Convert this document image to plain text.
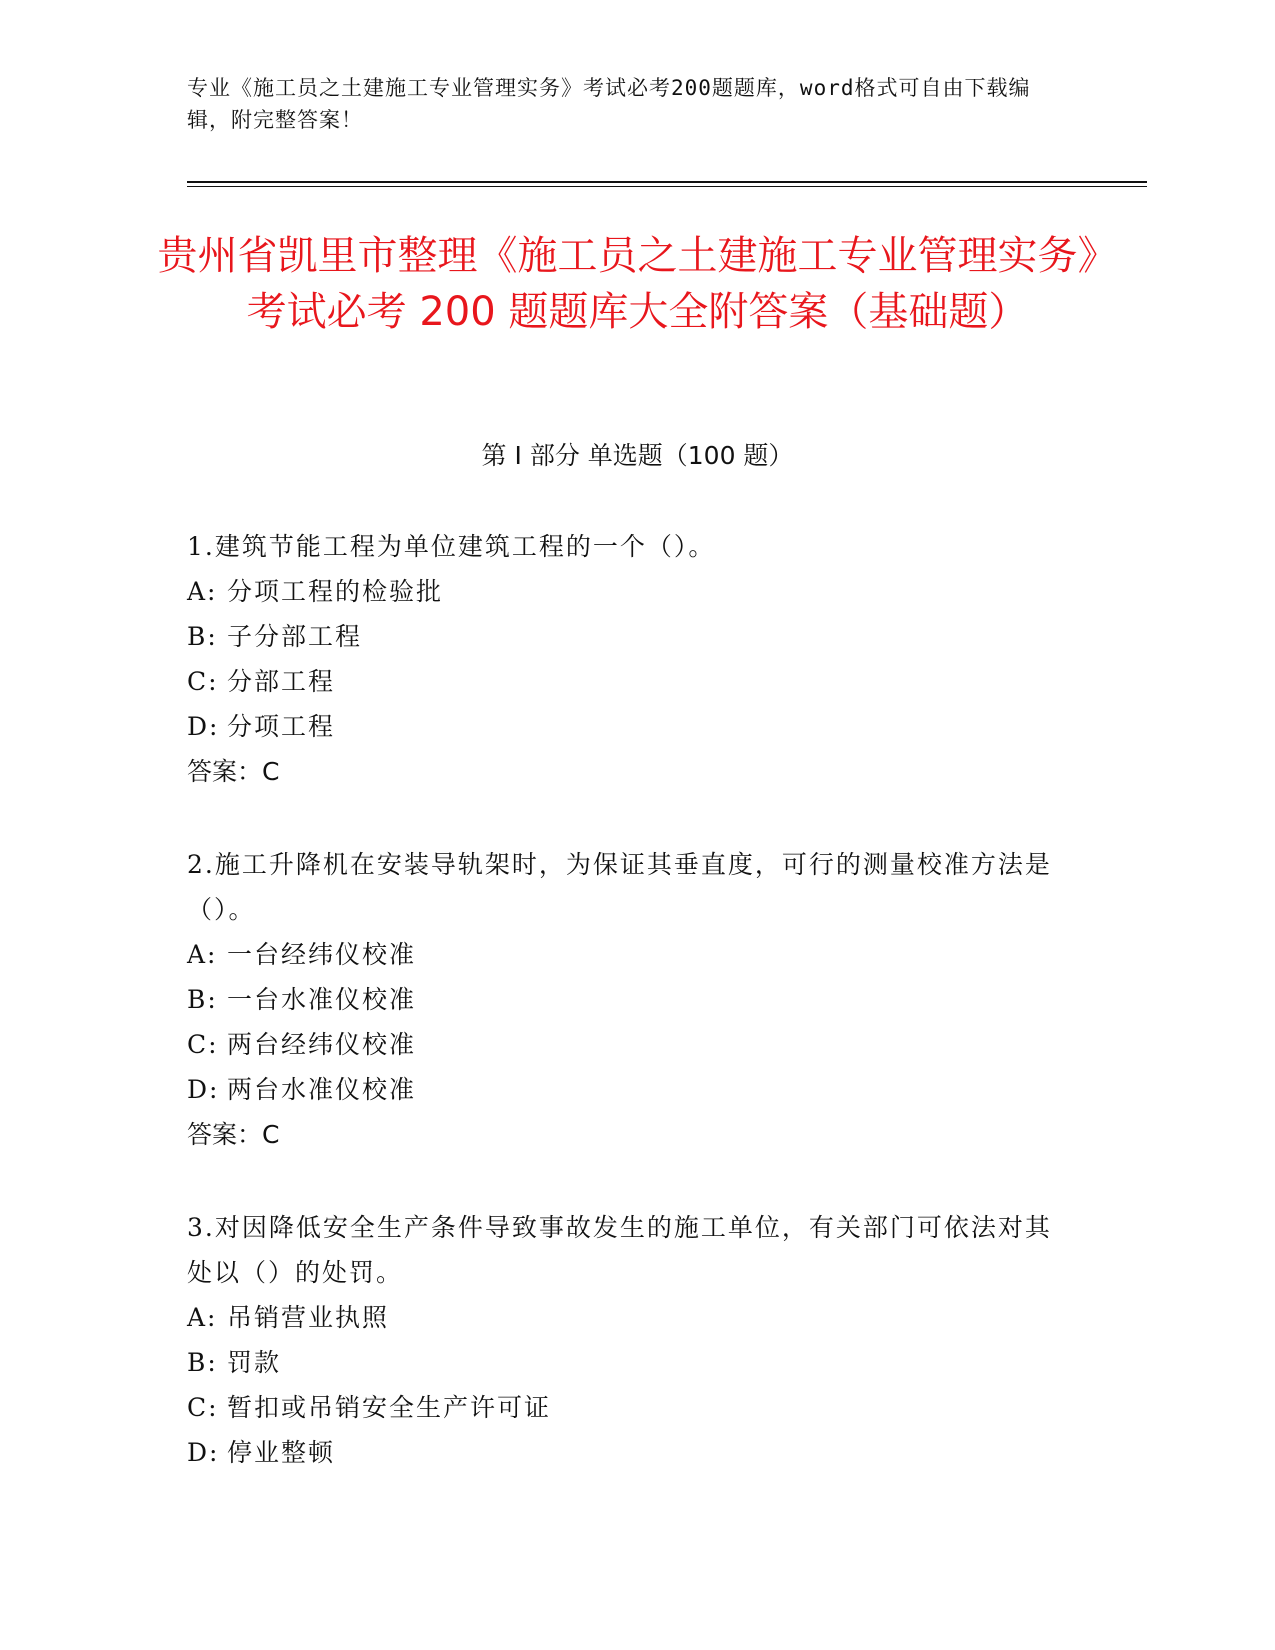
专业《施工员之土建施工专业管理实务》考试必考200题题库，word格式可自由下载编辑，附完整答案！

贵州省凯里市整理《施工员之土建施工专业管理实务》考试必考 200 题题库大全附答案（基础题）
第 I 部分 单选题（100 题）

1.建筑节能工程为单位建筑工程的一个（）。

A: 分项工程的检验批
B: 子分部工程
C: 分部工程
D: 分项工程

答案：C

2.施工升降机在安装导轨架时，为保证其垂直度，可行的测量校准方法是（）。

A: 一台经纬仪校准
B: 一台水准仪校准
C: 两台经纬仪校准
D: 两台水准仪校准

答案：C

3.对因降低安全生产条件导致事故发生的施工单位，有关部门可依法对其处以（）的处罚。

A: 吊销营业执照
B: 罚款
C: 暂扣或吊销安全生产许可证
D: 停业整顿
